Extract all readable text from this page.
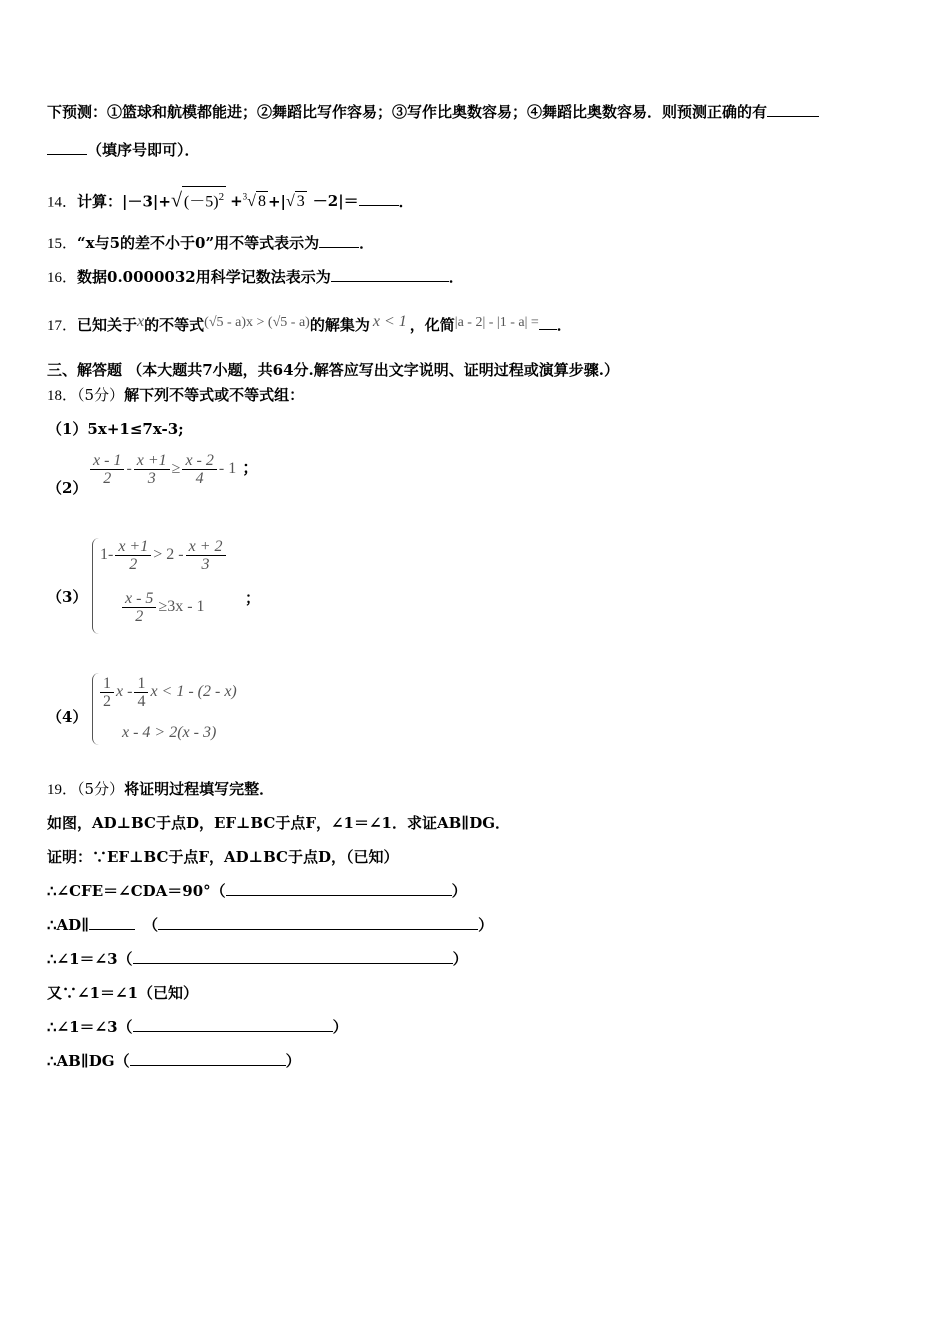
下预测：①篮球和航模都能进；②舞蹈比写作容易；③写作比奥数容易；④舞蹈比奥数容易．则预测正确的有
（填序号即可）．
14．计算：|－3|+√ $(-5)^2 +^3√$ 8 +|√ 3 －2|＝	．
15．“x与5的差不小于0”用不等式表示为	．
16．数据0.0000032用科学记数法表示为	．
17．已知关于x的不等式(√5 - a)x > (√5 - a)的解集为 x < 1 ，化简|a - 2| - |1 - a| = ．
三、解答题 （本大题共7小题，共64分.解答应写出文字说明、证明过程或演算步骤.）
18．（5分）解下列不等式或不等式组：
（1）5x+1≤7x-3;
（2）
$\frac{x - 1}{2} - \frac{x +1}{3} \ge \frac{x - 2}{4} - 1$ ；
（3）
$1- \frac{x +1}{2} > 2 - \frac{x + 2}{3}$
$\frac{x - 5}{2} \ge 3x - 1$	；
（4）
$\frac{1}{2}$ x - $\frac{1}{4}$ x < 1 - (2 - x)
x - 4 > 2(x - 3)
19．（5分）将证明过程填写完整．
如图，AD⊥BC于点D，EF⊥BC于点F，∠1＝∠1．求证AB∥DG．
证明：∵EF⊥BC于点F，AD⊥BC于点D，（已知）
∴∠CFE＝∠CDA＝90°（	）
∴AD∥	（	）
∴∠1＝∠3（	）
又∵∠1＝∠1（已知）
∴∠1＝∠3（	）
∴AB∥DG（	）
